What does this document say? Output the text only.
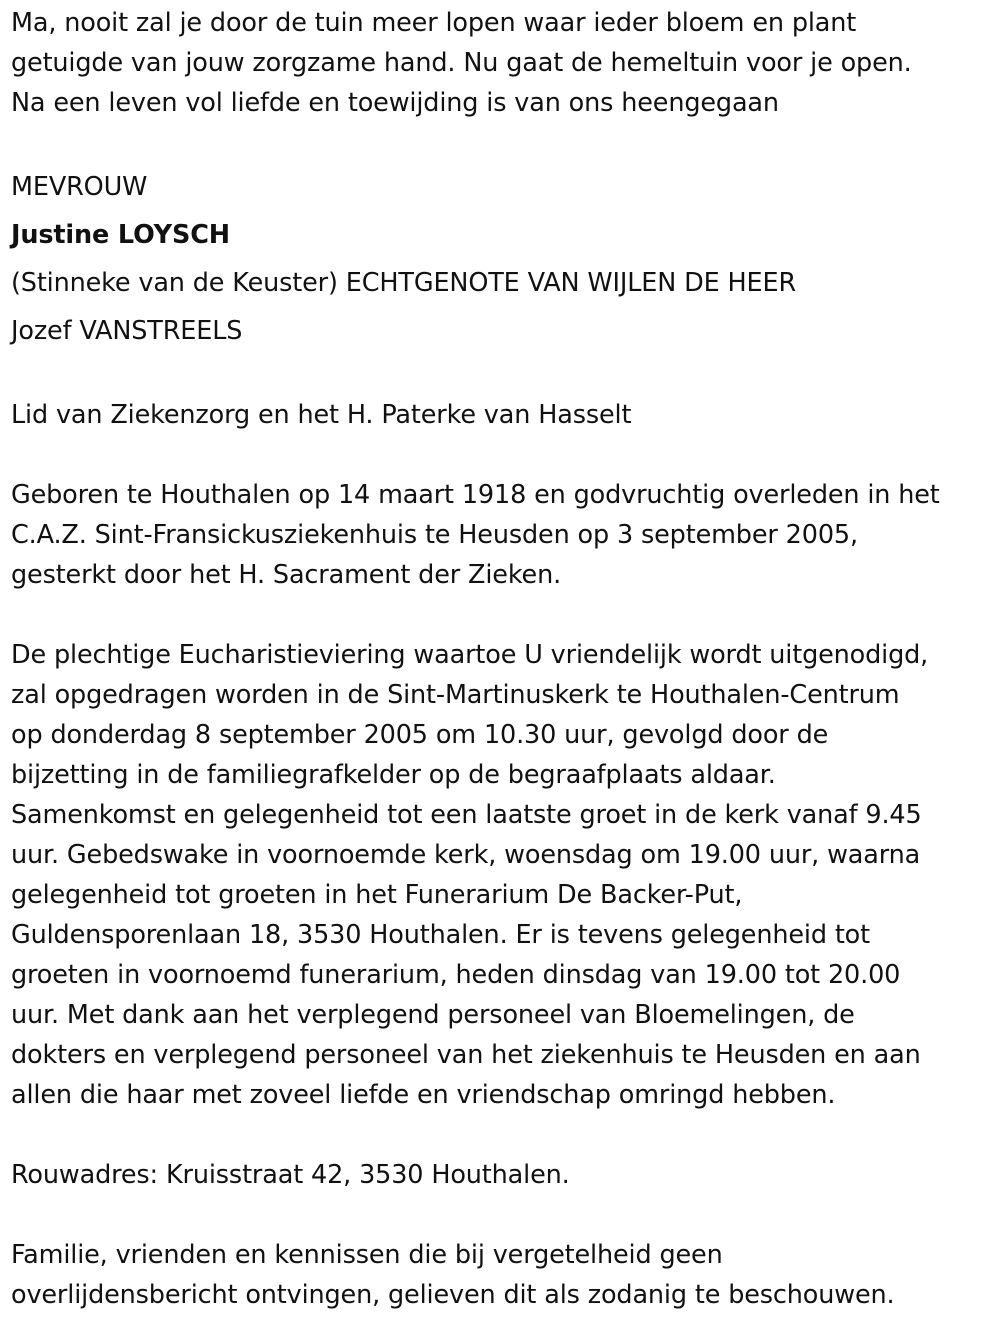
Ma, nooit zal je door de tuin meer lopen waar ieder bloem en plant
getuigde van jouw zorgzame hand. Nu gaat de hemeltuin voor je open.
Na een leven vol liefde en toewijding is van ons heengegaan
MEVROUW
Justine LOYSCH
(Stinneke van de Keuster) ECHTGENOTE VAN WIJLEN DE HEER
Jozef VANSTREELS
Lid van Ziekenzorg en het H. Paterke van Hasselt
Geboren te Houthalen op 14 maart 1918 en godvruchtig overleden in het
C.A.Z. Sint-Fransickusziekenhuis te Heusden op 3 september 2005,
gesterkt door het H. Sacrament der Zieken.
De plechtige Eucharistieviering waartoe U vriendelijk wordt uitgenodigd,
zal opgedragen worden in de Sint-Martinuskerk te Houthalen-Centrum
op donderdag 8 september 2005 om 10.30 uur, gevolgd door de
bijzetting in de familiegrafkelder op de begraafplaats aldaar.
Samenkomst en gelegenheid tot een laatste groet in de kerk vanaf 9.45
uur. Gebedswake in voornoemde kerk, woensdag om 19.00 uur, waarna
gelegenheid tot groeten in het Funerarium De Backer-Put,
Guldensporenlaan 18, 3530 Houthalen. Er is tevens gelegenheid tot
groeten in voornoemd funerarium, heden dinsdag van 19.00 tot 20.00
uur. Met dank aan het verplegend personeel van Bloemelingen, de
dokters en verplegend personeel van het ziekenhuis te Heusden en aan
allen die haar met zoveel liefde en vriendschap omringd hebben.
Rouwadres: Kruisstraat 42, 3530 Houthalen.
Familie, vrienden en kennissen die bij vergetelheid geen
overlijdensbericht ontvingen, gelieven dit als zodanig te beschouwen.
